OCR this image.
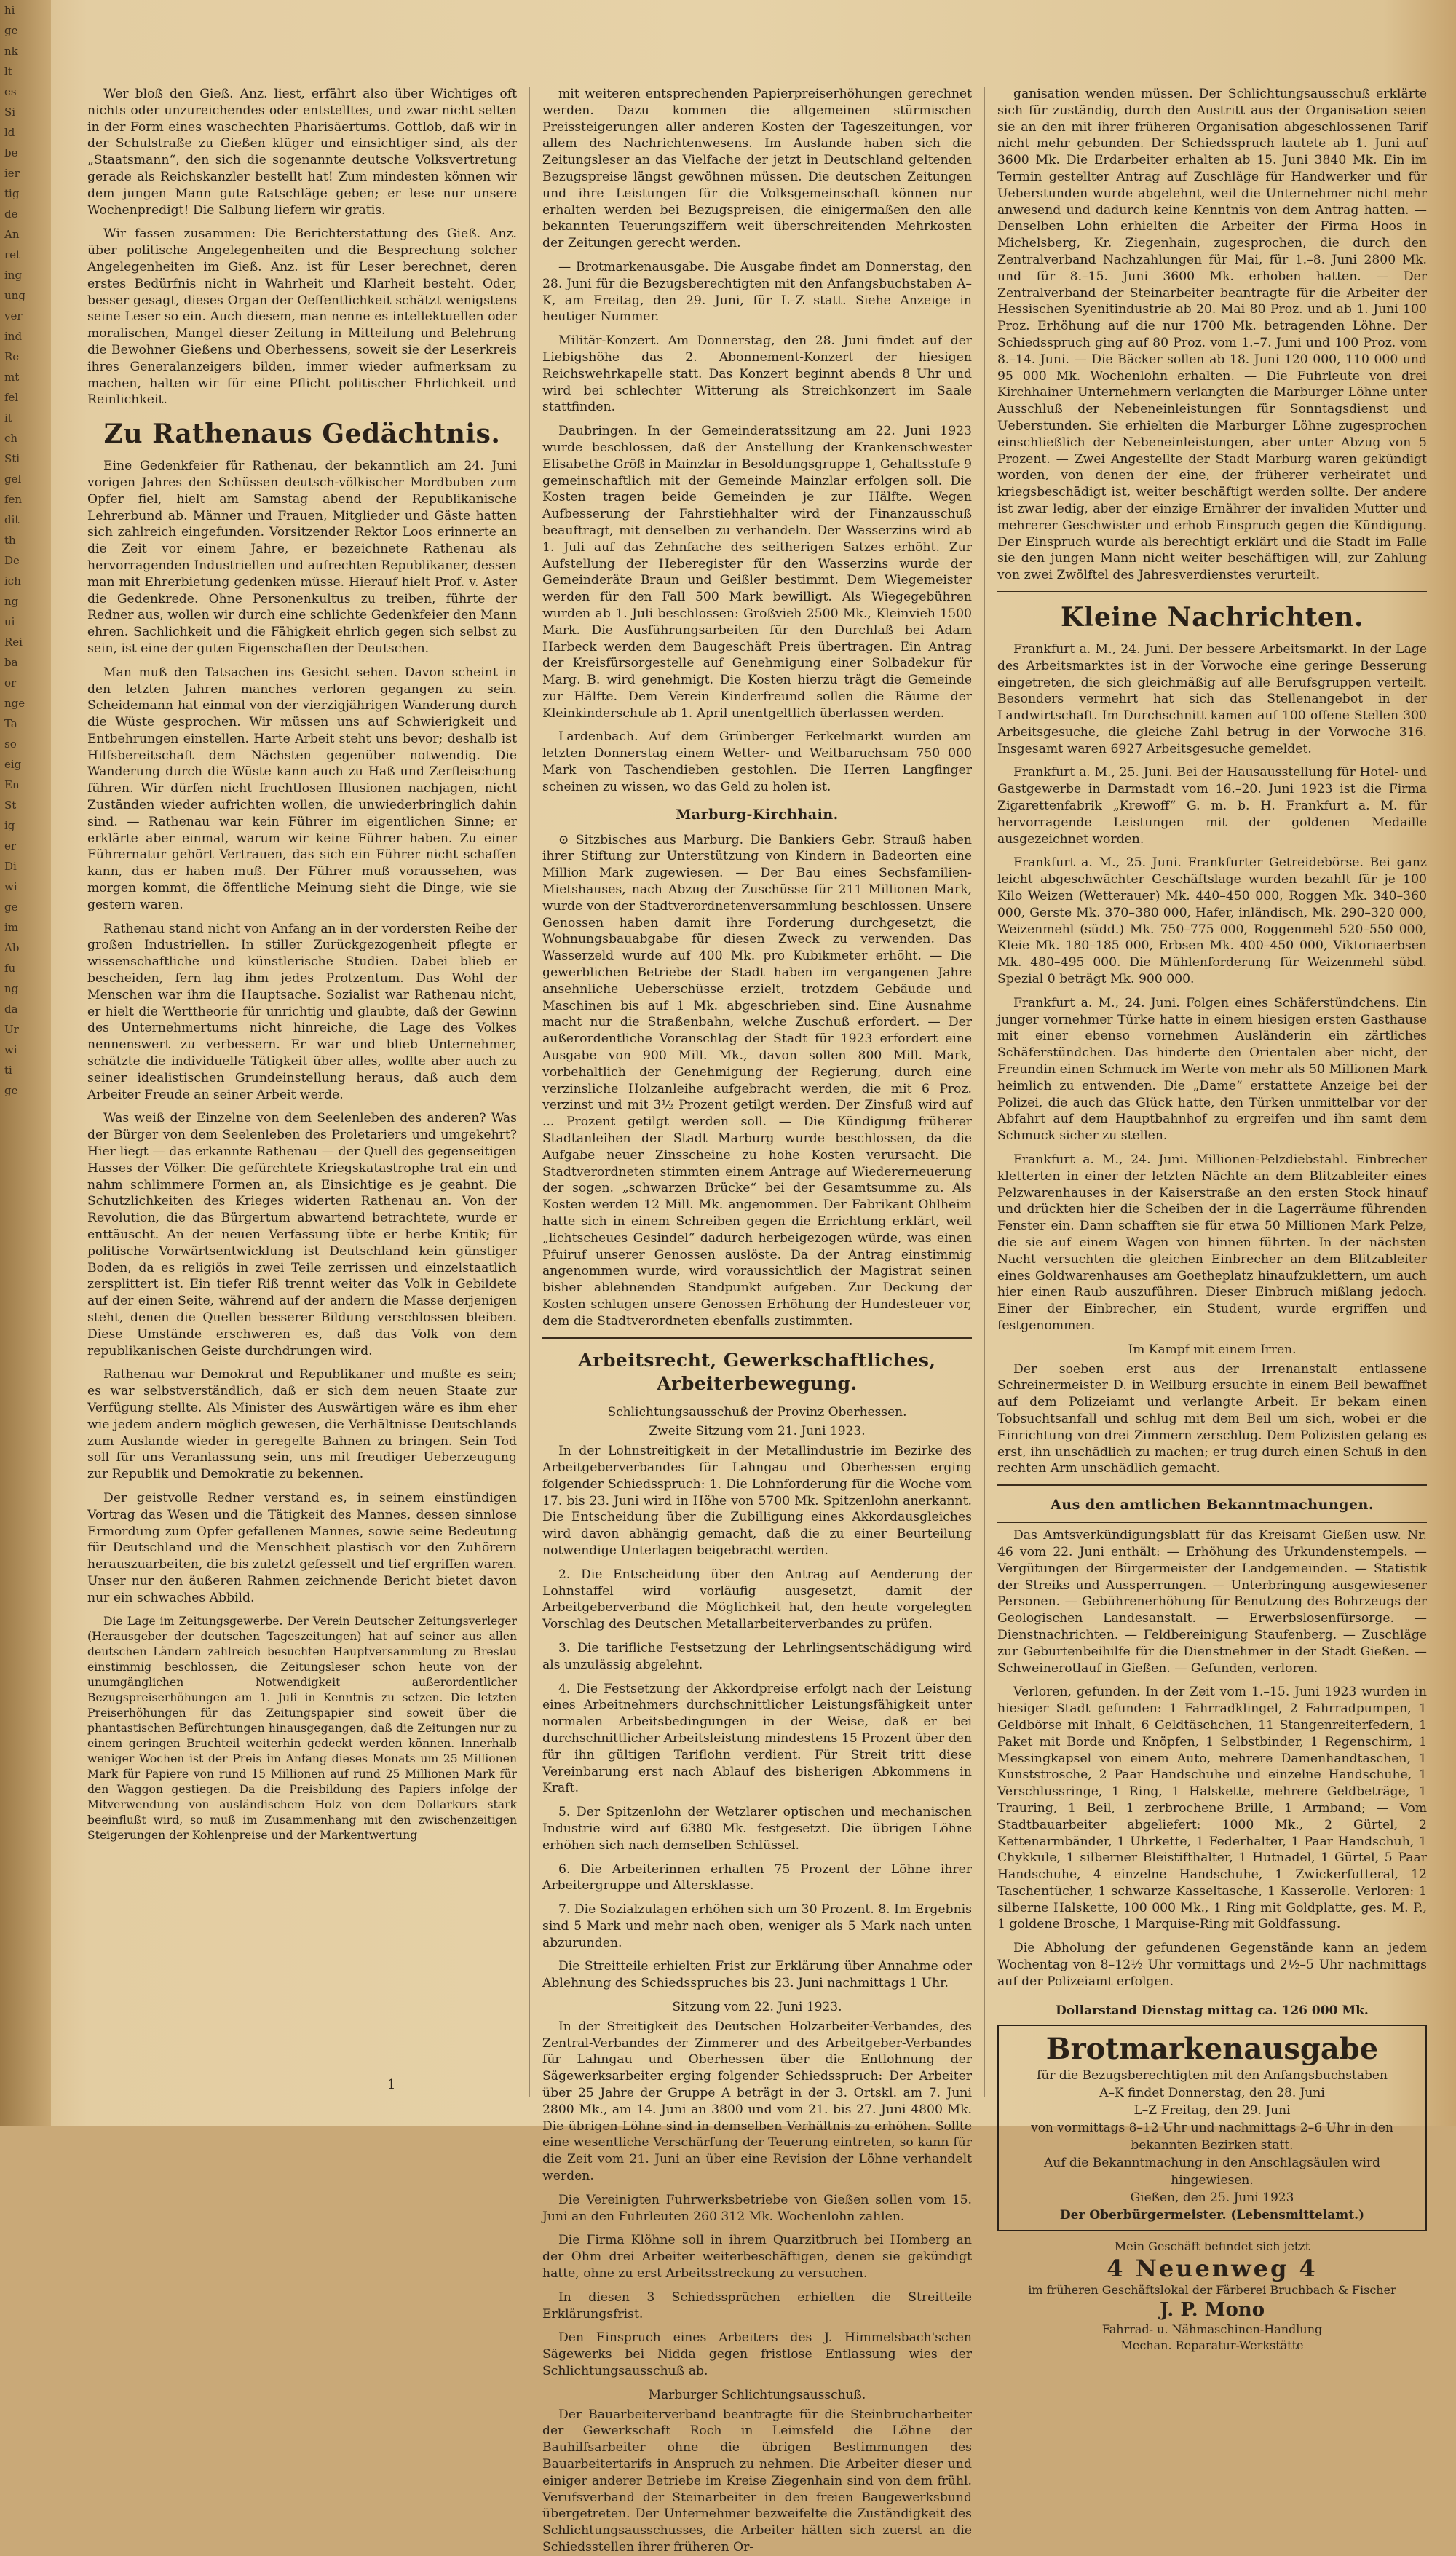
hi
ge
nk
lt
es
Si
ld
be
ier
tig
de
An
ret
ing
ung
ver
ind
Re
mt
fel
it
ch
Sti
gel
fen
dit
th
De
ich
ng
ui
Rei
ba
or
nge
Ta
so
eig
En
St
ig
er
Di
wi
ge
im
Ab
fu
ng
da
Ur
wi
ti
ge

Wer bloß den Gieß. Anz. liest, erfährt also über Wichtiges oft nichts oder unzureichendes oder entstelltes, und zwar nicht selten in der Form eines waschechten Pharisäertums. Gottlob, daß wir in der Schulstraße zu Gießen klüger und einsichtiger sind, als der „Staatsmann“, den sich die sogenannte deutsche Volksvertretung gerade als Reichskanzler bestellt hat! Zum mindesten können wir dem jungen Mann gute Ratschläge geben; er lese nur unsere Wochenpredigt! Die Salbung liefern wir gratis.

Wir fassen zusammen: Die Berichterstattung des Gieß. Anz. über politische Angelegenheiten und die Besprechung solcher Angelegenheiten im Gieß. Anz. ist für Leser berechnet, deren erstes Bedürfnis nicht in Wahrheit und Klarheit besteht. Oder, besser gesagt, dieses Organ der Oeffentlichkeit schätzt wenigstens seine Leser so ein. Auch diesem, man nenne es intellektuellen oder moralischen, Mangel dieser Zeitung in Mitteilung und Belehrung die Bewohner Gießens und Oberhessens, soweit sie der Leserkreis ihres Generalanzeigers bilden, immer wieder aufmerksam zu machen, halten wir für eine Pflicht politischer Ehrlichkeit und Reinlichkeit.

Zu Rathenaus Gedächtnis.

Eine Gedenkfeier für Rathenau, der bekanntlich am 24. Juni vorigen Jahres den Schüssen deutsch-völkischer Mordbuben zum Opfer fiel, hielt am Samstag abend der Republikanische Lehrerbund ab. Männer und Frauen, Mitglieder und Gäste hatten sich zahlreich eingefunden. Vorsitzender Rektor Loos erinnerte an die Zeit vor einem Jahre, er bezeichnete Rathenau als hervorragenden Industriellen und aufrechten Republikaner, dessen man mit Ehrerbietung gedenken müsse. Hierauf hielt Prof. v. Aster die Gedenkrede. Ohne Personenkultus zu treiben, führte der Redner aus, wollen wir durch eine schlichte Gedenkfeier den Mann ehren. Sachlichkeit und die Fähigkeit ehrlich gegen sich selbst zu sein, ist eine der guten Eigenschaften der Deutschen.

Man muß den Tatsachen ins Gesicht sehen. Davon scheint in den letzten Jahren manches verloren gegangen zu sein. Scheidemann hat einmal von der vierzigjährigen Wanderung durch die Wüste gesprochen. Wir müssen uns auf Schwierigkeit und Entbehrungen einstellen. Harte Arbeit steht uns bevor; deshalb ist Hilfsbereitschaft dem Nächsten gegenüber notwendig. Die Wanderung durch die Wüste kann auch zu Haß und Zerfleischung führen. Wir dürfen nicht fruchtlosen Illusionen nachjagen, nicht Zuständen wieder aufrichten wollen, die unwiederbringlich dahin sind. — Rathenau war kein Führer im eigentlichen Sinne; er erklärte aber einmal, warum wir keine Führer haben. Zu einer Führernatur gehört Vertrauen, das sich ein Führer nicht schaffen kann, das er haben muß. Der Führer muß voraussehen, was morgen kommt, die öffentliche Meinung sieht die Dinge, wie sie gestern waren.

Rathenau stand nicht von Anfang an in der vordersten Reihe der großen Industriellen. In stiller Zurückgezogenheit pflegte er wissenschaftliche und künstlerische Studien. Dabei blieb er bescheiden, fern lag ihm jedes Protzentum. Das Wohl der Menschen war ihm die Hauptsache. Sozialist war Rathenau nicht, er hielt die Werttheorie für unrichtig und glaubte, daß der Gewinn des Unternehmertums nicht hinreiche, die Lage des Volkes nennenswert zu verbessern. Er war und blieb Unternehmer, schätzte die individuelle Tätigkeit über alles, wollte aber auch zu seiner idealistischen Grundeinstellung heraus, daß auch dem Arbeiter Freude an seiner Arbeit werde.

Was weiß der Einzelne von dem Seelenleben des anderen? Was der Bürger von dem Seelenleben des Proletariers und umgekehrt? Hier liegt — das erkannte Rathenau — der Quell des gegenseitigen Hasses der Völker. Die gefürchtete Kriegskatastrophe trat ein und nahm schlimmere Formen an, als Einsichtige es je geahnt. Die Schutzlichkeiten des Krieges widerten Rathenau an. Von der Revolution, die das Bürgertum abwartend betrachtete, wurde er enttäuscht. An der neuen Verfassung übte er herbe Kritik; für politische Vorwärtsentwicklung ist Deutschland kein günstiger Boden, da es religiös in zwei Teile zerrissen und einzelstaatlich zersplittert ist. Ein tiefer Riß trennt weiter das Volk in Gebildete auf der einen Seite, während auf der andern die Masse derjenigen steht, denen die Quellen besserer Bildung verschlossen bleiben. Diese Umstände erschweren es, daß das Volk von dem republikanischen Geiste durchdrungen wird.

Rathenau war Demokrat und Republikaner und mußte es sein; es war selbstverständlich, daß er sich dem neuen Staate zur Verfügung stellte. Als Minister des Auswärtigen wäre es ihm eher wie jedem andern möglich gewesen, die Verhältnisse Deutschlands zum Auslande wieder in geregelte Bahnen zu bringen. Sein Tod soll für uns Veranlassung sein, uns mit freudiger Ueberzeugung zur Republik und Demokratie zu bekennen.

Der geistvolle Redner verstand es, in seinem einstündigen Vortrag das Wesen und die Tätigkeit des Mannes, dessen sinnlose Ermordung zum Opfer gefallenen Mannes, sowie seine Bedeutung für Deutschland und die Menschheit plastisch vor den Zuhörern herauszuarbeiten, die bis zuletzt gefesselt und tief ergriffen waren. Unser nur den äußeren Rahmen zeichnende Bericht bietet davon nur ein schwaches Abbild.

Die Lage im Zeitungsgewerbe. Der Verein Deutscher Zeitungsverleger (Herausgeber der deutschen Tageszeitungen) hat auf seiner aus allen deutschen Ländern zahlreich besuchten Hauptversammlung zu Breslau einstimmig beschlossen, die Zeitungsleser schon heute von der unumgänglichen Notwendigkeit außerordentlicher Bezugspreiserhöhungen am 1. Juli in Kenntnis zu setzen. Die letzten Preiserhöhungen für das Zeitungspapier sind soweit über die phantastischen Befürchtungen hinausgegangen, daß die Zeitungen nur zu einem geringen Bruchteil weiterhin gedeckt werden können. Innerhalb weniger Wochen ist der Preis im Anfang dieses Monats um 25 Millionen Mark für Papiere von rund 15 Millionen auf rund 25 Millionen Mark für den Waggon gestiegen. Da die Preisbildung des Papiers infolge der Mitverwendung von ausländischem Holz von dem Dollarkurs stark beeinflußt wird, so muß im Zusammenhang mit den zwischenzeitigen Steigerungen der Kohlenpreise und der Markentwertung

mit weiteren entsprechenden Papierpreiserhöhungen gerechnet werden. Dazu kommen die allgemeinen stürmischen Preissteigerungen aller anderen Kosten der Tageszeitungen, vor allem des Nachrichtenwesens. Im Auslande haben sich die Zeitungsleser an das Vielfache der jetzt in Deutschland geltenden Bezugspreise längst gewöhnen müssen. Die deutschen Zeitungen und ihre Leistungen für die Volksgemeinschaft können nur erhalten werden bei Bezugspreisen, die einigermaßen den alle bekannten Teuerungsziffern weit überschreitenden Mehrkosten der Zeitungen gerecht werden.

— Brotmarkenausgabe. Die Ausgabe findet am Donnerstag, den 28. Juni für die Bezugsberechtigten mit den Anfangsbuchstaben A–K, am Freitag, den 29. Juni, für L–Z statt. Siehe Anzeige in heutiger Nummer.

Militär-Konzert. Am Donnerstag, den 28. Juni findet auf der Liebigshöhe das 2. Abonnement-Konzert der hiesigen Reichswehrkapelle statt. Das Konzert beginnt abends 8 Uhr und wird bei schlechter Witterung als Streichkonzert im Saale stattfinden.

Daubringen. In der Gemeinderatssitzung am 22. Juni 1923 wurde beschlossen, daß der Anstellung der Krankenschwester Elisabethe Größ in Mainzlar in Besoldungsgruppe 1, Gehaltsstufe 9 gemeinschaftlich mit der Gemeinde Mainzlar erfolgen soll. Die Kosten tragen beide Gemeinden je zur Hälfte. Wegen Aufbesserung der Fahrstiehhalter wird der Finanzausschuß beauftragt, mit denselben zu verhandeln. Der Wasserzins wird ab 1. Juli auf das Zehnfache des seitherigen Satzes erhöht. Zur Aufstellung der Heberegister für den Wasserzins wurde der Gemeinderäte Braun und Geißler bestimmt. Dem Wiegemeister werden für den Fall 500 Mark bewilligt. Als Wiegegebühren wurden ab 1. Juli beschlossen: Großvieh 2500 Mk., Kleinvieh 1500 Mark. Die Ausführungsarbeiten für den Durchlaß bei Adam Harbeck werden dem Baugeschäft Preis übertragen. Ein Antrag der Kreisfürsorgestelle auf Genehmigung einer Solbadekur für Marg. B. wird genehmigt. Die Kosten hierzu trägt die Gemeinde zur Hälfte. Dem Verein Kinderfreund sollen die Räume der Kleinkinderschule ab 1. April unentgeltlich überlassen werden.

Lardenbach. Auf dem Grünberger Ferkelmarkt wurden am letzten Donnerstag einem Wetter- und Weitbaruchsam 750 000 Mark von Taschendieben gestohlen. Die Herren Langfinger scheinen zu wissen, wo das Geld zu holen ist.

Marburg-Kirchhain.

⊙ Sitzbisches aus Marburg. Die Bankiers Gebr. Strauß haben ihrer Stiftung zur Unterstützung von Kindern in Badeorten eine Million Mark zugewiesen. — Der Bau eines Sechsfamilien-Mietshauses, nach Abzug der Zuschüsse für 211 Millionen Mark, wurde von der Stadtverordnetenversammlung beschlossen. Unsere Genossen haben damit ihre Forderung durchgesetzt, die Wohnungsbauabgabe für diesen Zweck zu verwenden. Das Wasserzeld wurde auf 400 Mk. pro Kubikmeter erhöht. — Die gewerblichen Betriebe der Stadt haben im vergangenen Jahre ansehnliche Ueberschüsse erzielt, trotzdem Gebäude und Maschinen bis auf 1 Mk. abgeschrieben sind. Eine Ausnahme macht nur die Straßenbahn, welche Zuschuß erfordert. — Der außerordentliche Voranschlag der Stadt für 1923 erfordert eine Ausgabe von 900 Mill. Mk., davon sollen 800 Mill. Mark, vorbehaltlich der Genehmigung der Regierung, durch eine verzinsliche Holzanleihe aufgebracht werden, die mit 6 Proz. verzinst und mit 3½ Prozent getilgt werden. Der Zinsfuß wird auf ... Prozent getilgt werden soll. — Die Kündigung früherer Stadtanleihen der Stadt Marburg wurde beschlossen, da die Aufgabe neuer Zinsscheine zu hohe Kosten verursacht. Die Stadtverordneten stimmten einem Antrage auf Wiedererneuerung der sogen. „schwarzen Brücke“ bei der Gesamtsumme zu. Als Kosten werden 12 Mill. Mk. angenommen. Der Fabrikant Ohlheim hatte sich in einem Schreiben gegen die Errichtung erklärt, weil „lichtscheues Gesindel“ dadurch herbeigezogen würde, was einen Pfuiruf unserer Genossen auslöste. Da der Antrag einstimmig angenommen wurde, wird voraussichtlich der Magistrat seinen bisher ablehnenden Standpunkt aufgeben. Zur Deckung der Kosten schlugen unsere Genossen Erhöhung der Hundesteuer vor, dem die Stadtverordneten ebenfalls zustimmten.

Arbeitsrecht, Gewerkschaftliches, Arbeiterbewegung.
Schlichtungsausschuß der Provinz Oberhessen.
Zweite Sitzung vom 21. Juni 1923.

In der Lohnstreitigkeit in der Metallindustrie im Bezirke des Arbeitgeberverbandes für Lahngau und Oberhessen erging folgender Schiedsspruch: 1. Die Lohnforderung für die Woche vom 17. bis 23. Juni wird in Höhe von 5700 Mk. Spitzenlohn anerkannt. Die Entscheidung über die Zubilligung eines Akkordausgleiches wird davon abhängig gemacht, daß die zu einer Beurteilung notwendige Unterlagen beigebracht werden.

2. Die Entscheidung über den Antrag auf Aenderung der Lohnstaffel wird vorläufig ausgesetzt, damit der Arbeitgeberverband die Möglichkeit hat, den heute vorgelegten Vorschlag des Deutschen Metallarbeiterverbandes zu prüfen.

3. Die tarifliche Festsetzung der Lehrlingsentschädigung wird als unzulässig abgelehnt.

4. Die Festsetzung der Akkordpreise erfolgt nach der Leistung eines Arbeitnehmers durchschnittlicher Leistungsfähigkeit unter normalen Arbeitsbedingungen in der Weise, daß er bei durchschnittlicher Arbeitsleistung mindestens 15 Prozent über den für ihn gültigen Tariflohn verdient. Für Streit tritt diese Vereinbarung erst nach Ablauf des bisherigen Abkommens in Kraft.

5. Der Spitzenlohn der Wetzlarer optischen und mechanischen Industrie wird auf 6380 Mk. festgesetzt. Die übrigen Löhne erhöhen sich nach demselben Schlüssel.

6. Die Arbeiterinnen erhalten 75 Prozent der Löhne ihrer Arbeitergruppe und Altersklasse.

7. Die Sozialzulagen erhöhen sich um 30 Prozent. 8. Im Ergebnis sind 5 Mark und mehr nach oben, weniger als 5 Mark nach unten abzurunden.

Die Streitteile erhielten Frist zur Erklärung über Annahme oder Ablehnung des Schiedsspruches bis 23. Juni nachmittags 1 Uhr.

Sitzung vom 22. Juni 1923.

In der Streitigkeit des Deutschen Holzarbeiter-Verbandes, des Zentral-Verbandes der Zimmerer und des Arbeitgeber-Verbandes für Lahngau und Oberhessen über die Entlohnung der Sägewerksarbeiter erging folgender Schiedsspruch: Der Arbeiter über 25 Jahre der Gruppe A beträgt in der 3. Ortskl. am 7. Juni 2800 Mk., am 14. Juni an 3800 und vom 21. bis 27. Juni 4800 Mk. Die übrigen Löhne sind in demselben Verhältnis zu erhöhen. Sollte eine wesentliche Verschärfung der Teuerung eintreten, so kann für die Zeit vom 21. Juni an über eine Revision der Löhne verhandelt werden.

Die Vereinigten Fuhrwerksbetriebe von Gießen sollen vom 15. Juni an den Fuhrleuten 260 312 Mk. Wochenlohn zahlen.

Die Firma Klöhne soll in ihrem Quarzitbruch bei Homberg an der Ohm drei Arbeiter weiterbeschäftigen, denen sie gekündigt hatte, ohne zu erst Arbeitsstreckung zu versuchen.

In diesen 3 Schiedssprüchen erhielten die Streitteile Erklärungsfrist.

Den Einspruch eines Arbeiters des J. Himmelsbach'schen Sägewerks bei Nidda gegen fristlose Entlassung wies der Schlichtungsausschuß ab.

Marburger Schlichtungsausschuß.

Der Bauarbeiterverband beantragte für die Steinbrucharbeiter der Gewerkschaft Roch in Leimsfeld die Löhne der Bauhilfsarbeiter ohne die übrigen Bestimmungen des Bauarbeitertarifs in Anspruch zu nehmen. Die Arbeiter dieser und einiger anderer Betriebe im Kreise Ziegenhain sind von dem frühl. Verufsverband der Steinarbeiter in den freien Baugewerksbund übergetreten. Der Unternehmer bezweifelte die Zuständigkeit des Schlichtungsausschusses, die Arbeiter hätten sich zuerst an die Schiedsstellen ihrer früheren Or-

ganisation wenden müssen. Der Schlichtungsausschuß erklärte sich für zuständig, durch den Austritt aus der Organisation seien sie an den mit ihrer früheren Organisation abgeschlossenen Tarif nicht mehr gebunden. Der Schiedsspruch lautete ab 1. Juni auf 3600 Mk. Die Erdarbeiter erhalten ab 15. Juni 3840 Mk. Ein im Termin gestellter Antrag auf Zuschläge für Handwerker und für Ueberstunden wurde abgelehnt, weil die Unternehmer nicht mehr anwesend und dadurch keine Kenntnis von dem Antrag hatten. — Denselben Lohn erhielten die Arbeiter der Firma Hoos in Michelsberg, Kr. Ziegenhain, zugesprochen, die durch den Zentralverband Nachzahlungen für Mai, für 1.–8. Juni 2800 Mk. und für 8.–15. Juni 3600 Mk. erhoben hatten. — Der Zentralverband der Steinarbeiter beantragte für die Arbeiter der Hessischen Syenitindustrie ab 20. Mai 80 Proz. und ab 1. Juni 100 Proz. Erhöhung auf die nur 1700 Mk. betragenden Löhne. Der Schiedsspruch ging auf 80 Proz. vom 1.–7. Juni und 100 Proz. vom 8.–14. Juni. — Die Bäcker sollen ab 18. Juni 120 000, 110 000 und 95 000 Mk. Wochenlohn erhalten. — Die Fuhrleute von drei Kirchhainer Unternehmern verlangten die Marburger Löhne unter Ausschluß der Nebeneinleistungen für Sonntagsdienst und Ueberstunden. Sie erhielten die Marburger Löhne zugesprochen einschließlich der Nebeneinleistungen, aber unter Abzug von 5 Prozent. — Zwei Angestellte der Stadt Marburg waren gekündigt worden, von denen der eine, der früherer verheiratet und kriegsbeschädigt ist, weiter beschäftigt werden sollte. Der andere ist zwar ledig, aber der einzige Ernährer der invaliden Mutter und mehrerer Geschwister und erhob Einspruch gegen die Kündigung. Der Einspruch wurde als berechtigt erklärt und die Stadt im Falle sie den jungen Mann nicht weiter beschäftigen will, zur Zahlung von zwei Zwölftel des Jahresverdienstes verurteilt.

Kleine Nachrichten.

Frankfurt a. M., 24. Juni. Der bessere Arbeitsmarkt. In der Lage des Arbeitsmarktes ist in der Vorwoche eine geringe Besserung eingetreten, die sich gleichmäßig auf alle Berufsgruppen verteilt. Besonders vermehrt hat sich das Stellenangebot in der Landwirtschaft. Im Durchschnitt kamen auf 100 offene Stellen 300 Arbeitsgesuche, die gleiche Zahl betrug in der Vorwoche 316. Insgesamt waren 6927 Arbeitsgesuche gemeldet.

Frankfurt a. M., 25. Juni. Bei der Hausausstellung für Hotel- und Gastgewerbe in Darmstadt vom 16.–20. Juni 1923 ist die Firma Zigarettenfabrik „Krewoff“ G. m. b. H. Frankfurt a. M. für hervorragende Leistungen mit der goldenen Medaille ausgezeichnet worden.

Frankfurt a. M., 25. Juni. Frankfurter Getreidebörse. Bei ganz leicht abgeschwächter Geschäftslage wurden bezahlt für je 100 Kilo Weizen (Wetterauer) Mk. 440–450 000, Roggen Mk. 340–360 000, Gerste Mk. 370–380 000, Hafer, inländisch, Mk. 290–320 000, Weizenmehl (südd.) Mk. 750–775 000, Roggenmehl 520–550 000, Kleie Mk. 180–185 000, Erbsen Mk. 400–450 000, Viktoriaerbsen Mk. 480–495 000. Die Mühlenforderung für Weizenmehl sübd. Spezial 0 beträgt Mk. 900 000.

Frankfurt a. M., 24. Juni. Folgen eines Schäferstündchens. Ein junger vornehmer Türke hatte in einem hiesigen ersten Gasthause mit einer ebenso vornehmen Ausländerin ein zärtliches Schäferstündchen. Das hinderte den Orientalen aber nicht, der Freundin einen Schmuck im Werte von mehr als 50 Millionen Mark heimlich zu entwenden. Die „Dame“ erstattete Anzeige bei der Polizei, die auch das Glück hatte, den Türken unmittelbar vor der Abfahrt auf dem Hauptbahnhof zu ergreifen und ihn samt dem Schmuck sicher zu stellen.

Frankfurt a. M., 24. Juni. Millionen-Pelzdiebstahl. Einbrecher kletterten in einer der letzten Nächte an dem Blitzableiter eines Pelzwarenhauses in der Kaiserstraße an den ersten Stock hinauf und drückten hier die Scheiben der in die Lagerräume führenden Fenster ein. Dann schafften sie für etwa 50 Millionen Mark Pelze, die sie auf einem Wagen von hinnen führten. In der nächsten Nacht versuchten die gleichen Einbrecher an dem Blitzableiter eines Goldwarenhauses am Goetheplatz hinaufzuklettern, um auch hier einen Raub auszuführen. Dieser Einbruch mißlang jedoch. Einer der Einbrecher, ein Student, wurde ergriffen und festgenommen.

Im Kampf mit einem Irren.

Der soeben erst aus der Irrenanstalt entlassene Schreinermeister D. in Weilburg ersuchte in einem Beil bewaffnet auf dem Polizeiamt und verlangte Arbeit. Er bekam einen Tobsuchtsanfall und schlug mit dem Beil um sich, wobei er die Einrichtung von drei Zimmern zerschlug. Dem Polizisten gelang es erst, ihn unschädlich zu machen; er trug durch einen Schuß in den rechten Arm unschädlich gemacht.

Aus den amtlichen Bekanntmachungen.

Das Amtsverkündigungsblatt für das Kreisamt Gießen usw. Nr. 46 vom 22. Juni enthält: — Erhöhung des Urkundenstempels. — Vergütungen der Bürgermeister der Landgemeinden. — Statistik der Streiks und Aussperrungen. — Unterbringung ausgewiesener Personen. — Gebührenerhöhung für Benutzung des Bohrzeugs der Geologischen Landesanstalt. — Erwerbslosenfürsorge. — Dienstnachrichten. — Feldbereinigung Staufenberg. — Zuschläge zur Geburtenbeihilfe für die Dienstnehmer in der Stadt Gießen. — Schweinerotlauf in Gießen. — Gefunden, verloren.

Verloren, gefunden. In der Zeit vom 1.–15. Juni 1923 wurden in hiesiger Stadt gefunden: 1 Fahrradklingel, 2 Fahrradpumpen, 1 Geldbörse mit Inhalt, 6 Geldtäschchen, 11 Stangenreiterfedern, 1 Paket mit Borde und Knöpfen, 1 Selbstbinder, 1 Regenschirm, 1 Messingkapsel von einem Auto, mehrere Damenhandtaschen, 1 Kunststrosche, 2 Paar Handschuhe und einzelne Handschuhe, 1 Verschlussringe, 1 Ring, 1 Halskette, mehrere Geldbeträge, 1 Trauring, 1 Beil, 1 zerbrochene Brille, 1 Armband; — Vom Stadtbauarbeiter abgeliefert: 1000 Mk., 2 Gürtel, 2 Kettenarmbänder, 1 Uhrkette, 1 Federhalter, 1 Paar Handschuh, 1 Chykkule, 1 silberner Bleistifthalter, 1 Hutnadel, 1 Gürtel, 5 Paar Handschuhe, 4 einzelne Handschuhe, 1 Zwickerfutteral, 12 Taschentücher, 1 schwarze Kasseltasche, 1 Kasserolle. Verloren: 1 silberne Halskette, 100 000 Mk., 1 Ring mit Goldplatte, ges. M. P., 1 goldene Brosche, 1 Marquise-Ring mit Goldfassung.

Die Abholung der gefundenen Gegenstände kann an jedem Wochentag von 8–12½ Uhr vormittags und 2½–5 Uhr nachmittags auf der Polizeiamt erfolgen.

Dollarstand Dienstag mittag ca. 126 000 Mk.
Brotmarkenausgabe
für die Bezugsberechtigten mit den Anfangsbuchstaben
A–K findet Donnerstag, den 28. Juni
L–Z Freitag, den 29. Juni
von vormittags 8–12 Uhr und nachmittags 2–6 Uhr in den bekannten Bezirken statt.
Auf die Bekanntmachung in den Anschlagsäulen wird hingewiesen.
Gießen, den 25. Juni 1923
Der Oberbürgermeister. (Lebensmittelamt.)
Mein Geschäft befindet sich jetzt
4 Neuenweg 4
im früheren Geschäftslokal der Färberei Bruchbach & Fischer
J. P. Mono
Fahrrad- u. Nähmaschinen-Handlung
Mechan. Reparatur-Werkstätte
1
